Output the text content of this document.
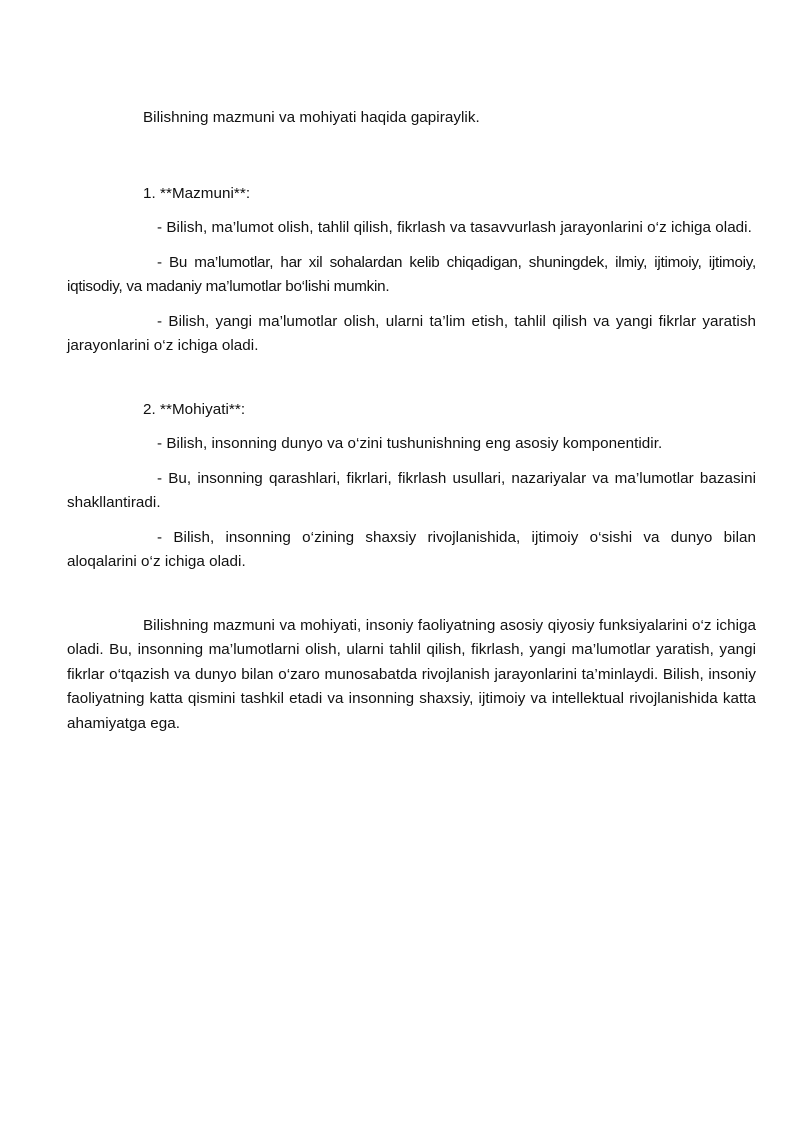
Bilishning mazmuni va mohiyati haqida gapiraylik.

1. **Mazmuni**:

- Bilish, ma’lumot olish, tahlil qilish, fikrlash va tasavvurlash jarayonlarini o‘z ichiga oladi.

- Bu ma’lumotlar, har xil sohalardan kelib chiqadigan, shuningdek, ilmiy, ijtimoiy, ijtimoiy, iqtisodiy, va madaniy ma’lumotlar bo‘lishi mumkin.

- Bilish, yangi ma’lumotlar olish, ularni ta’lim etish, tahlil qilish va yangi fikrlar yaratish jarayonlarini o‘z ichiga oladi.

2. **Mohiyati**:

- Bilish, insonning dunyo va o‘zini tushunishning eng asosiy komponentidir.

- Bu, insonning qarashlari, fikrlari, fikrlash usullari, nazariyalar va ma’lumotlar bazasini shakllantiradi.

- Bilish, insonning o‘zining shaxsiy rivojlanishida, ijtimoiy o‘sishi va dunyo bilan aloqalarini o‘z ichiga oladi.

Bilishning mazmuni va mohiyati, insoniy faoliyatning asosiy qiyosiy funksiyalarini o‘z ichiga oladi. Bu, insonning ma’lumotlarni olish, ularni tahlil qilish, fikrlash, yangi ma’lumotlar yaratish, yangi fikrlar o‘tqazish va dunyo bilan o‘zaro munosabatda rivojlanish jarayonlarini ta’minlaydi. Bilish, insoniy faoliyatning katta qismini tashkil etadi va insonning shaxsiy, ijtimoiy va intellektual rivojlanishida katta ahamiyatga ega.
